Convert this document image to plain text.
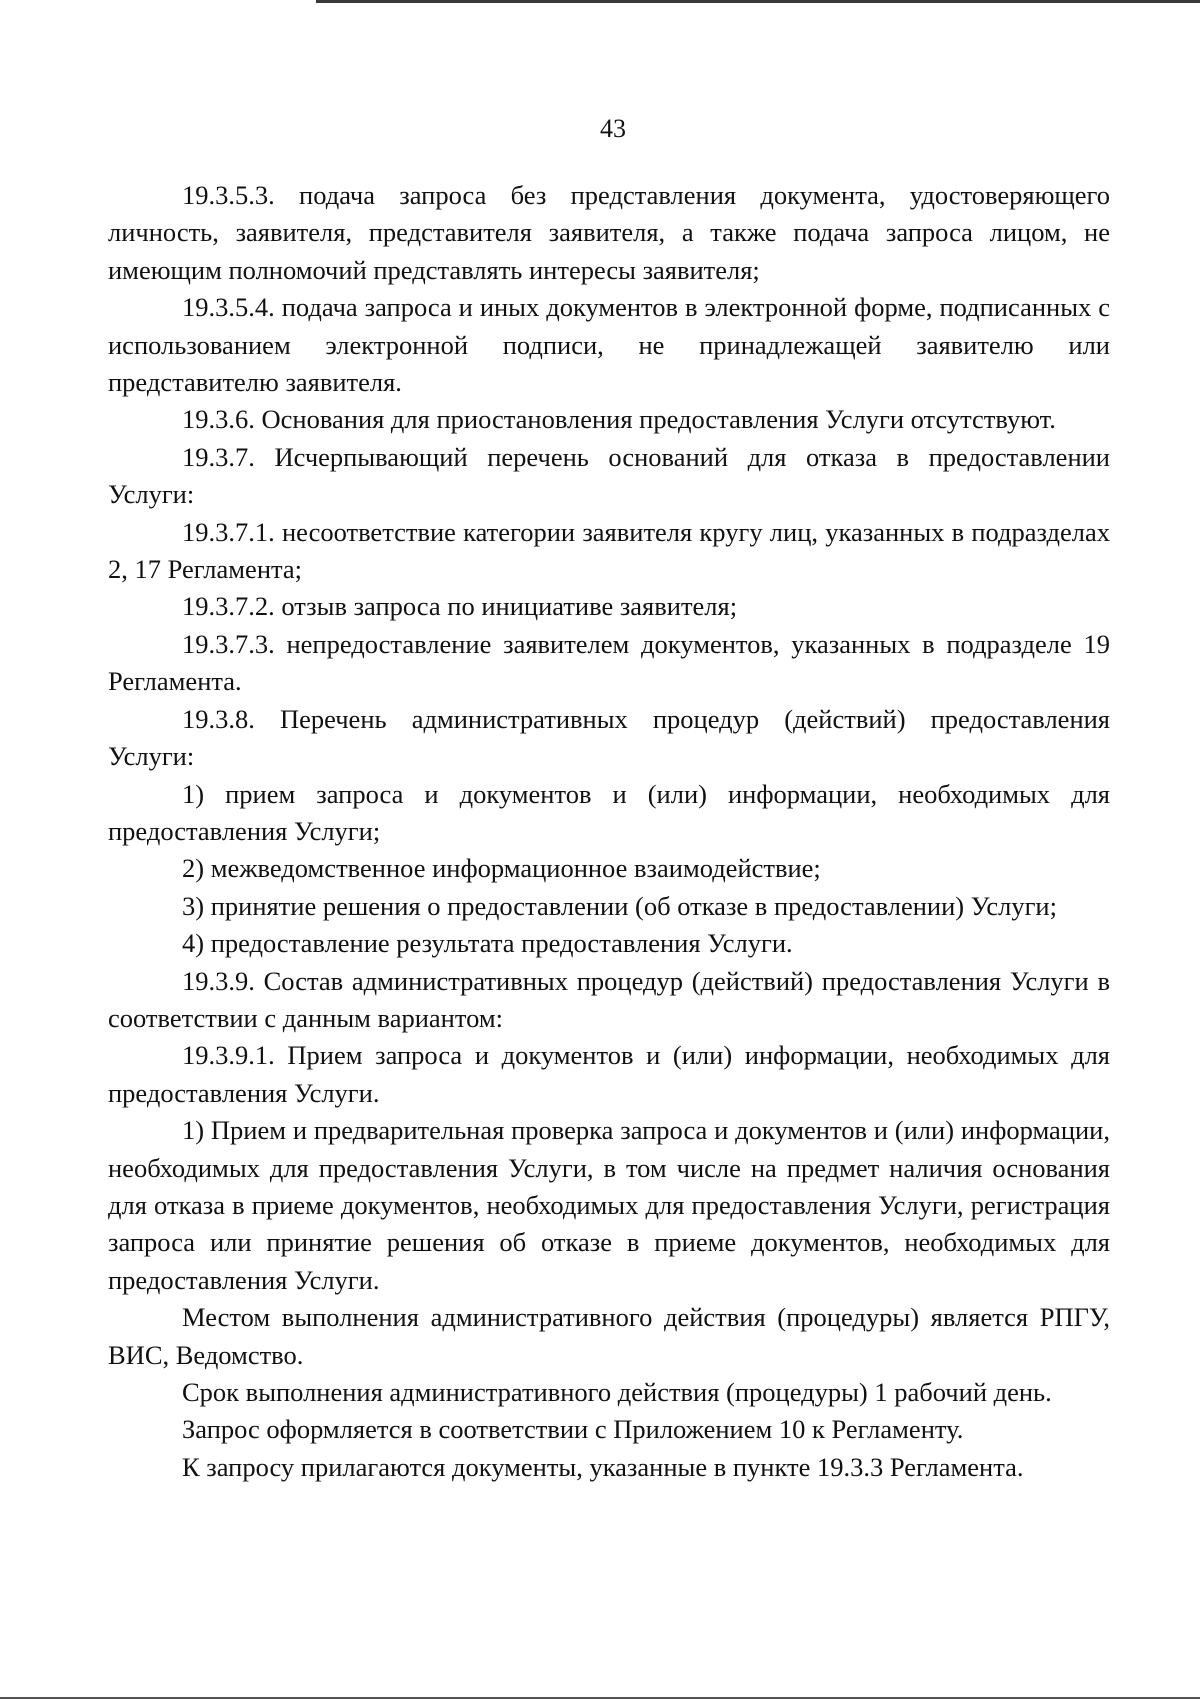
43

19.3.5.3. подача запроса без представления документа, удостоверяющего личность, заявителя, представителя заявителя, а также подача запроса лицом, не имеющим полномочий представлять интересы заявителя;

19.3.5.4. подача запроса и иных документов в электронной форме, подписанных с использованием электронной подписи, не принадлежащей заявителю или представителю заявителя.

19.3.6. Основания для приостановления предоставления Услуги отсутствуют.

19.3.7. Исчерпывающий перечень оснований для отказа в предоставлении Услуги:

19.3.7.1. несоответствие категории заявителя кругу лиц, указанных в подразделах 2, 17 Регламента;

19.3.7.2. отзыв запроса по инициативе заявителя;

19.3.7.3. непредоставление заявителем документов, указанных в подразделе 19 Регламента.

19.3.8. Перечень административных процедур (действий) предоставления Услуги:

1) прием запроса и документов и (или) информации, необходимых для предоставления Услуги;

2) межведомственное информационное взаимодействие;

3) принятие решения о предоставлении (об отказе в предоставлении) Услуги;

4) предоставление результата предоставления Услуги.

19.3.9. Состав административных процедур (действий) предоставления Услуги в соответствии с данным вариантом:

19.3.9.1. Прием запроса и документов и (или) информации, необходимых для предоставления Услуги.

1) Прием и предварительная проверка запроса и документов и (или) информации, необходимых для предоставления Услуги, в том числе на предмет наличия основания для отказа в приеме документов, необходимых для предоставления Услуги, регистрация запроса или принятие решения об отказе в приеме документов, необходимых для предоставления Услуги.

Местом выполнения административного действия (процедуры) является РПГУ, ВИС, Ведомство.

Срок выполнения административного действия (процедуры) 1 рабочий день.

Запрос оформляется в соответствии с Приложением 10 к Регламенту.

К запросу прилагаются документы, указанные в пункте 19.3.3 Регламента.
